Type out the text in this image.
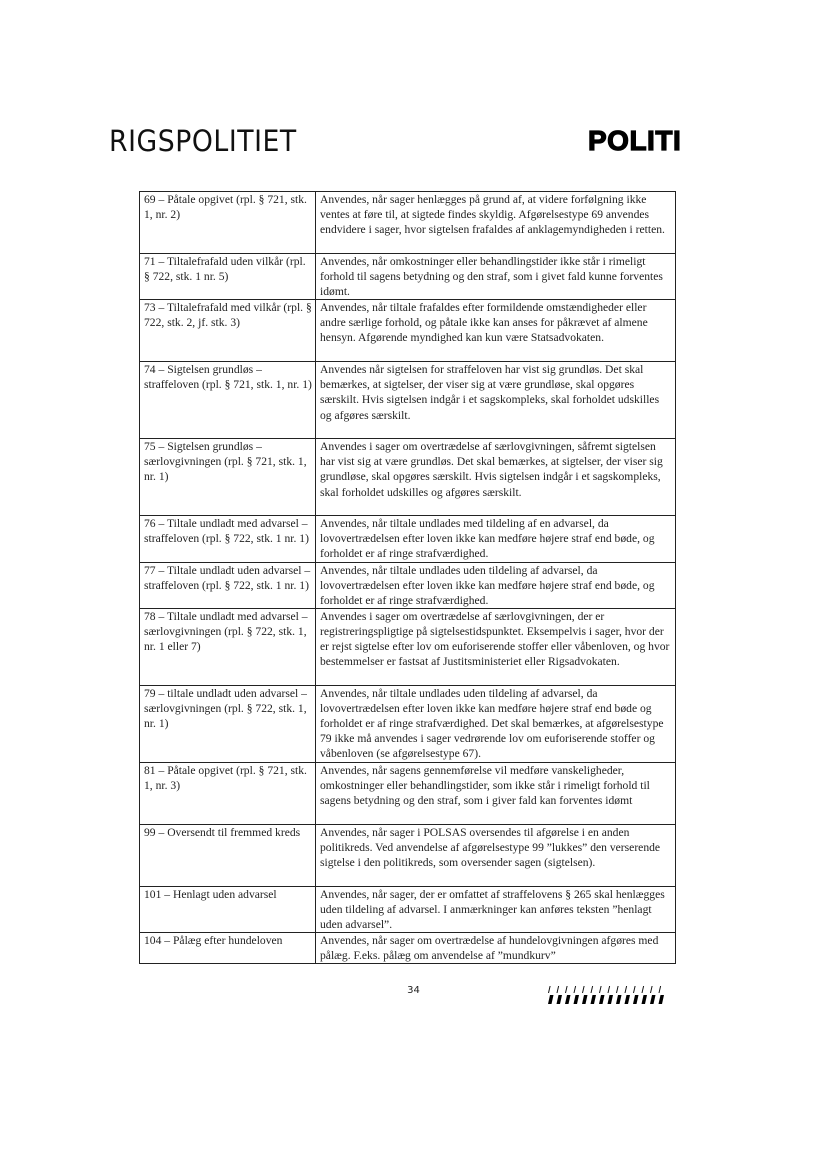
RIGSPOLITIET	POLITI
69 – Påtale opgivet (rpl. § 721, stk. 1, nr. 2)	Anvendes, når sager henlægges på grund af, at videre forfølgning ikke ventes at føre til, at sigtede findes skyldig. Afgørelsestype 69 anvendes endvidere i sager, hvor sigtelsen frafaldes af anklagemyndigheden i retten.
71 – Tiltalefrafald uden vilkår (rpl. § 722, stk. 1 nr. 5)	Anvendes, når omkostninger eller behandlingstider ikke står i rimeligt forhold til sagens betydning og den straf, som i givet fald kunne forventes idømt.
73 – Tiltalefrafald med vilkår (rpl. § 722, stk. 2, jf. stk. 3)	Anvendes, når tiltale frafaldes efter formildende omstændigheder eller andre særlige forhold, og påtale ikke kan anses for påkrævet af almene hensyn. Afgørende myndighed kan kun være Statsadvokaten.
74 – Sigtelsen grundløs – straffeloven (rpl. § 721, stk. 1, nr. 1)	Anvendes når sigtelsen for straffeloven har vist sig grundløs. Det skal bemærkes, at sigtelser, der viser sig at være grundløse, skal opgøres særskilt. Hvis sigtelsen indgår i et sagskompleks, skal forholdet udskilles og afgøres særskilt.
75 – Sigtelsen grundløs – særlovgivningen (rpl. § 721, stk. 1, nr. 1)	Anvendes i sager om overtrædelse af særlovgivningen, såfremt sigtelsen har vist sig at være grundløs. Det skal bemærkes, at sigtelser, der viser sig grundløse, skal opgøres særskilt. Hvis sigtelsen indgår i et sagskompleks, skal forholdet udskilles og afgøres særskilt.
76 – Tiltale undladt med advarsel – straffeloven (rpl. § 722, stk. 1 nr. 1)	Anvendes, når tiltale undlades med tildeling af en advarsel, da lovovertrædelsen efter loven ikke kan medføre højere straf end bøde, og forholdet er af ringe strafværdighed.
77 – Tiltale undladt uden advarsel – straffeloven (rpl. § 722, stk. 1 nr. 1)	Anvendes, når tiltale undlades uden tildeling af advarsel, da lovovertrædelsen efter loven ikke kan medføre højere straf end bøde, og forholdet er af ringe strafværdighed.
78 – Tiltale undladt med advarsel – særlovgivningen (rpl. § 722, stk. 1, nr. 1 eller 7)	Anvendes i sager om overtrædelse af særlovgivningen, der er registreringspligtige på sigtelsestidspunktet. Eksempelvis i sager, hvor der er rejst sigtelse efter lov om euforiserende stoffer eller våbenloven, og hvor bestemmelser er fastsat af Justitsministeriet eller Rigsadvokaten.
79 – tiltale undladt uden advarsel – særlovgivningen (rpl. § 722, stk. 1, nr. 1)	Anvendes, når tiltale undlades uden tildeling af advarsel, da lovovertrædelsen efter loven ikke kan medføre højere straf end bøde og forholdet er af ringe strafværdighed. Det skal bemærkes, at afgørelsestype 79 ikke må anvendes i sager vedrørende lov om euforiserende stoffer og våbenloven (se afgørelsestype 67).
81 – Påtale opgivet (rpl. § 721, stk. 1, nr. 3)	Anvendes, når sagens gennemførelse vil medføre vanskeligheder, omkostninger eller behandlingstider, som ikke står i rimeligt forhold til sagens betydning og den straf, som i giver fald kan forventes idømt
99 – Oversendt til fremmed kreds	Anvendes, når sager i POLSAS oversendes til afgørelse i en anden politikreds. Ved anvendelse af afgørelsestype 99 ”lukkes” den verserende sigtelse i den politikreds, som oversender sagen (sigtelsen).
101 – Henlagt uden advarsel	Anvendes, når sager, der er omfattet af straffelovens § 265 skal henlægges uden tildeling af advarsel. I anmærkninger kan anføres teksten ”henlagt uden advarsel”.
104 – Pålæg efter hundeloven	Anvendes, når sager om overtrædelse af hundelovgivningen afgøres med pålæg. F.eks. pålæg om anvendelse af ”mundkurv”
34
